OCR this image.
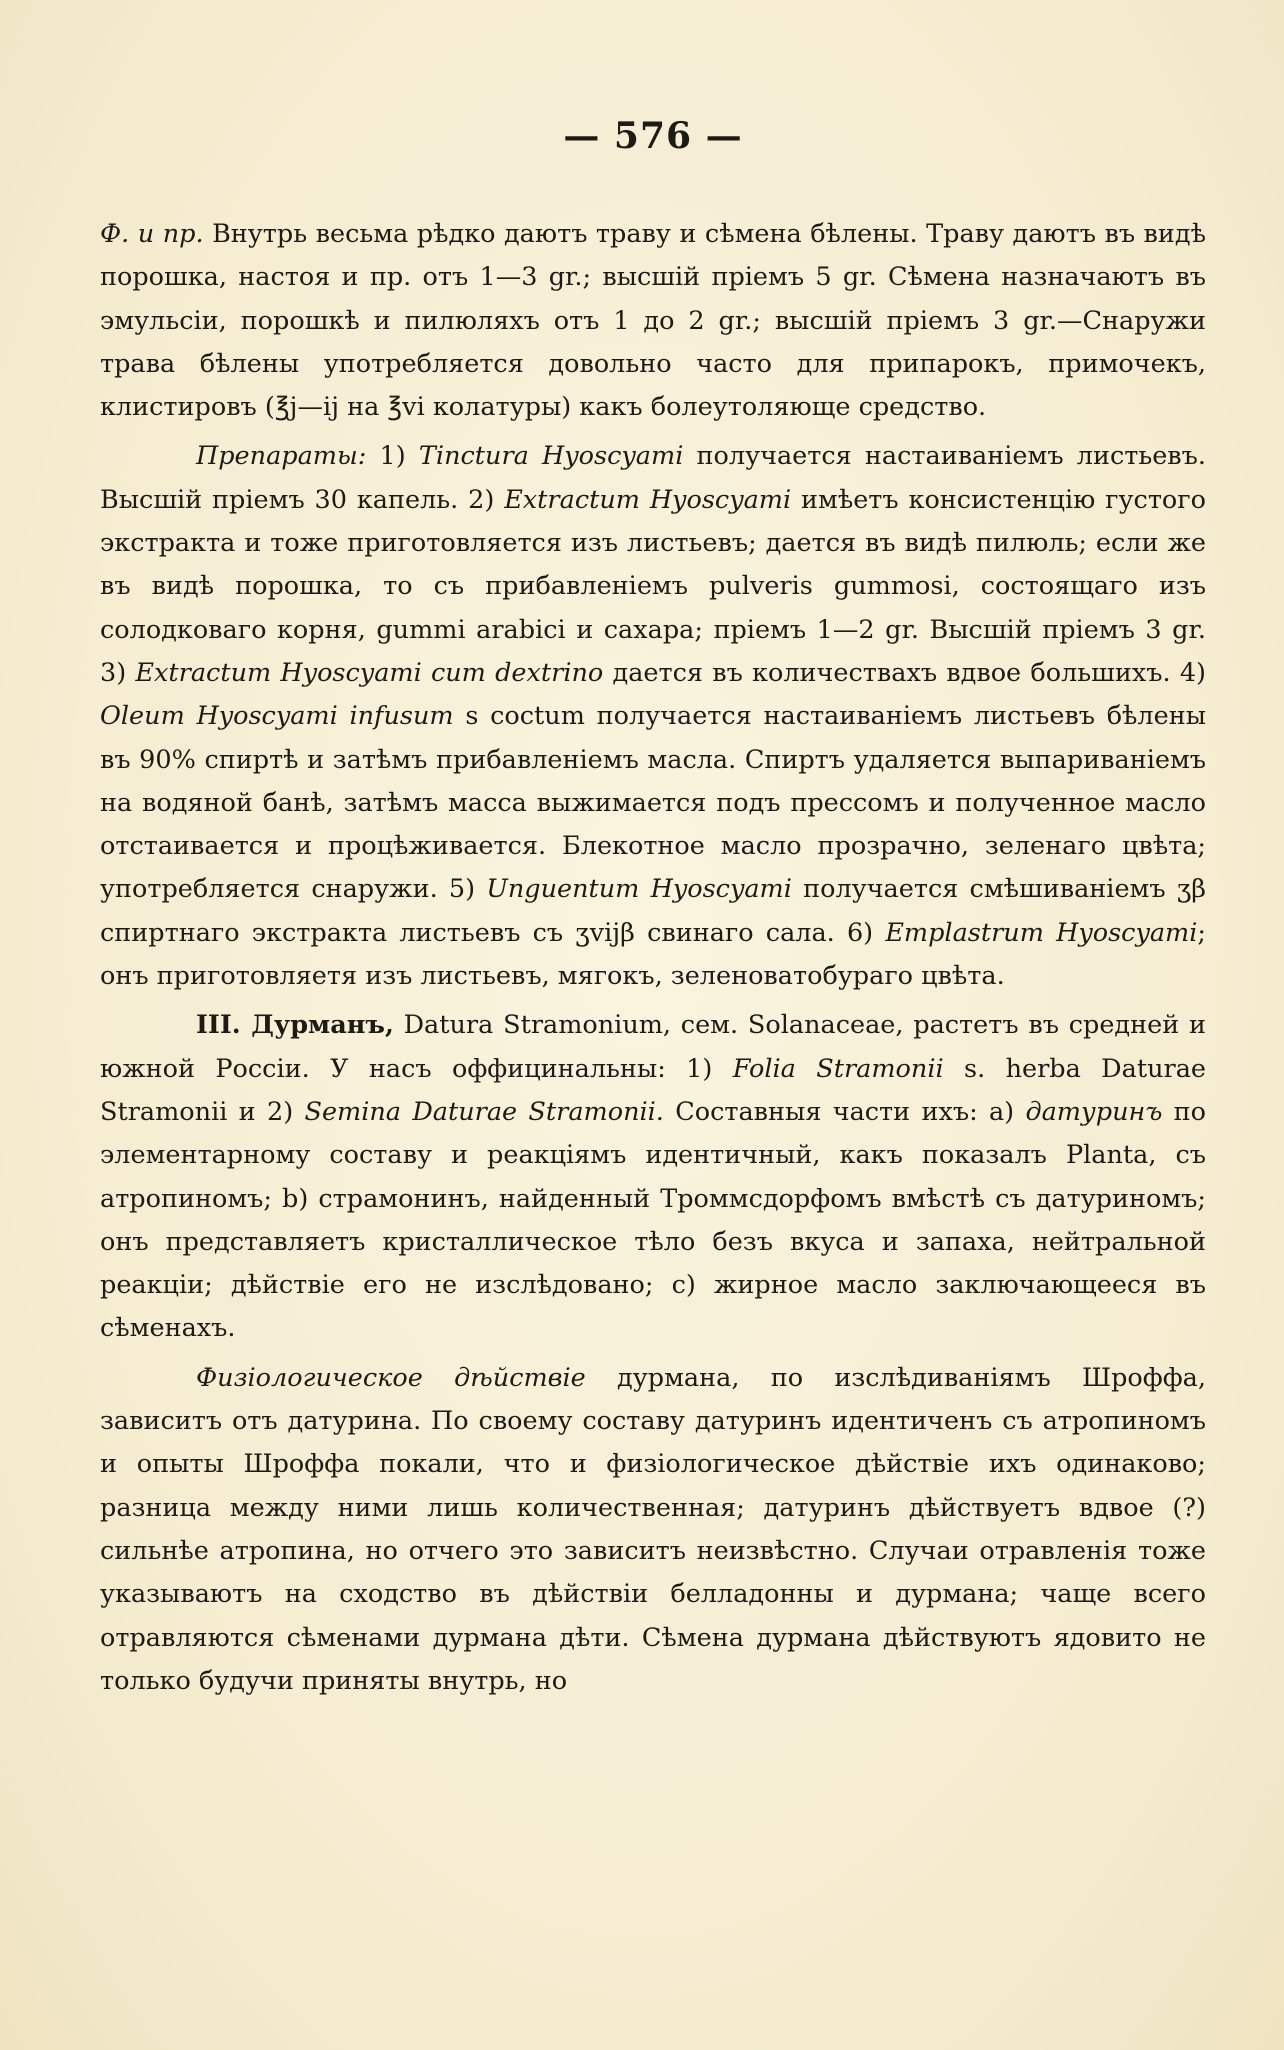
— 576 —

Ф. и пр. Внутрь весьма рѣдко даютъ траву и сѣмена бѣлены. Траву даютъ въ видѣ порошка, настоя и пр. отъ 1—3 gr.; высшій пріемъ 5 gr. Сѣмена назначаютъ въ эмульсіи, порошкѣ и пилюляхъ отъ 1 до 2 gr.; высшій пріемъ 3 gr.—Снаружи трава бѣлены употребляется довольно часто для припарокъ, примочекъ, клистировъ (℥j—ij на ℥vi колатуры) какъ болеутоляюще средство.

Препараты: 1) Tinctura Hyoscyami получается настаиваніемъ листьевъ. Высшій пріемъ 30 капель. 2) Extractum Hyoscyami имѣетъ консистенцію густого экстракта и тоже приготовляется изъ листьевъ; дается въ видѣ пилюль; если же въ видѣ порошка, то съ прибавленіемъ pulveris gummosi, состоящаго изъ солодковаго корня, gummi arabici и сахара; пріемъ 1—2 gr. Высшій пріемъ 3 gr. 3) Extractum Hyoscyami cum dextrino дается въ количествахъ вдвое большихъ. 4) Oleum Hyoscyami infusum s coctum получается настаиваніемъ листьевъ бѣлены въ 90% спиртѣ и затѣмъ прибавленіемъ масла. Спиртъ удаляется выпариваніемъ на водяной банѣ, затѣмъ масса выжимается подъ прессомъ и полученное масло отстаивается и процѣживается. Блекотное масло прозрачно, зеленаго цвѣта; употребляется снаружи. 5) Unguentum Hyoscyami получается смѣшиваніемъ ʒβ спиртнаго экстракта листьевъ съ ʒvijβ свинаго сала. 6) Emplastrum Hyoscyami; онъ приготовляетя изъ листьевъ, мягокъ, зеленоватобураго цвѣта.

III. Дурманъ, Datura Stramonium, сем. Solanaceae, растетъ въ средней и южной Россіи. У насъ оффицинальны: 1) Folia Stramonii s. herba Daturae Stramonii и 2) Semina Daturae Stramonii. Составныя части ихъ: a) датуринъ по элементарному составу и реакціямъ идентичный, какъ показалъ Planta, съ атропиномъ; b) страмонинъ, найденный Троммсдорфомъ вмѣстѣ съ датуриномъ; онъ представляетъ кристаллическое тѣло безъ вкуса и запаха, нейтральной реакціи; дѣйствіе его не изслѣдовано; c) жирное масло заключающееся въ сѣменахъ.

Физіологическое дѣйствіе дурмана, по изслѣдиваніямъ Шроффа, зависитъ отъ датурина. По своему составу датуринъ идентиченъ съ атропиномъ и опыты Шроффа покали, что и физіологическое дѣйствіе ихъ одинаково; разница между ними лишь количественная; датуринъ дѣйствуетъ вдвое (?) сильнѣе атропина, но отчего это зависитъ неизвѣстно. Случаи отравленія тоже указываютъ на сходство въ дѣйствіи белладонны и дурмана; чаще всего отравляются сѣменами дурмана дѣти. Сѣмена дурмана дѣйствуютъ ядовито не только будучи приняты внутрь, но
